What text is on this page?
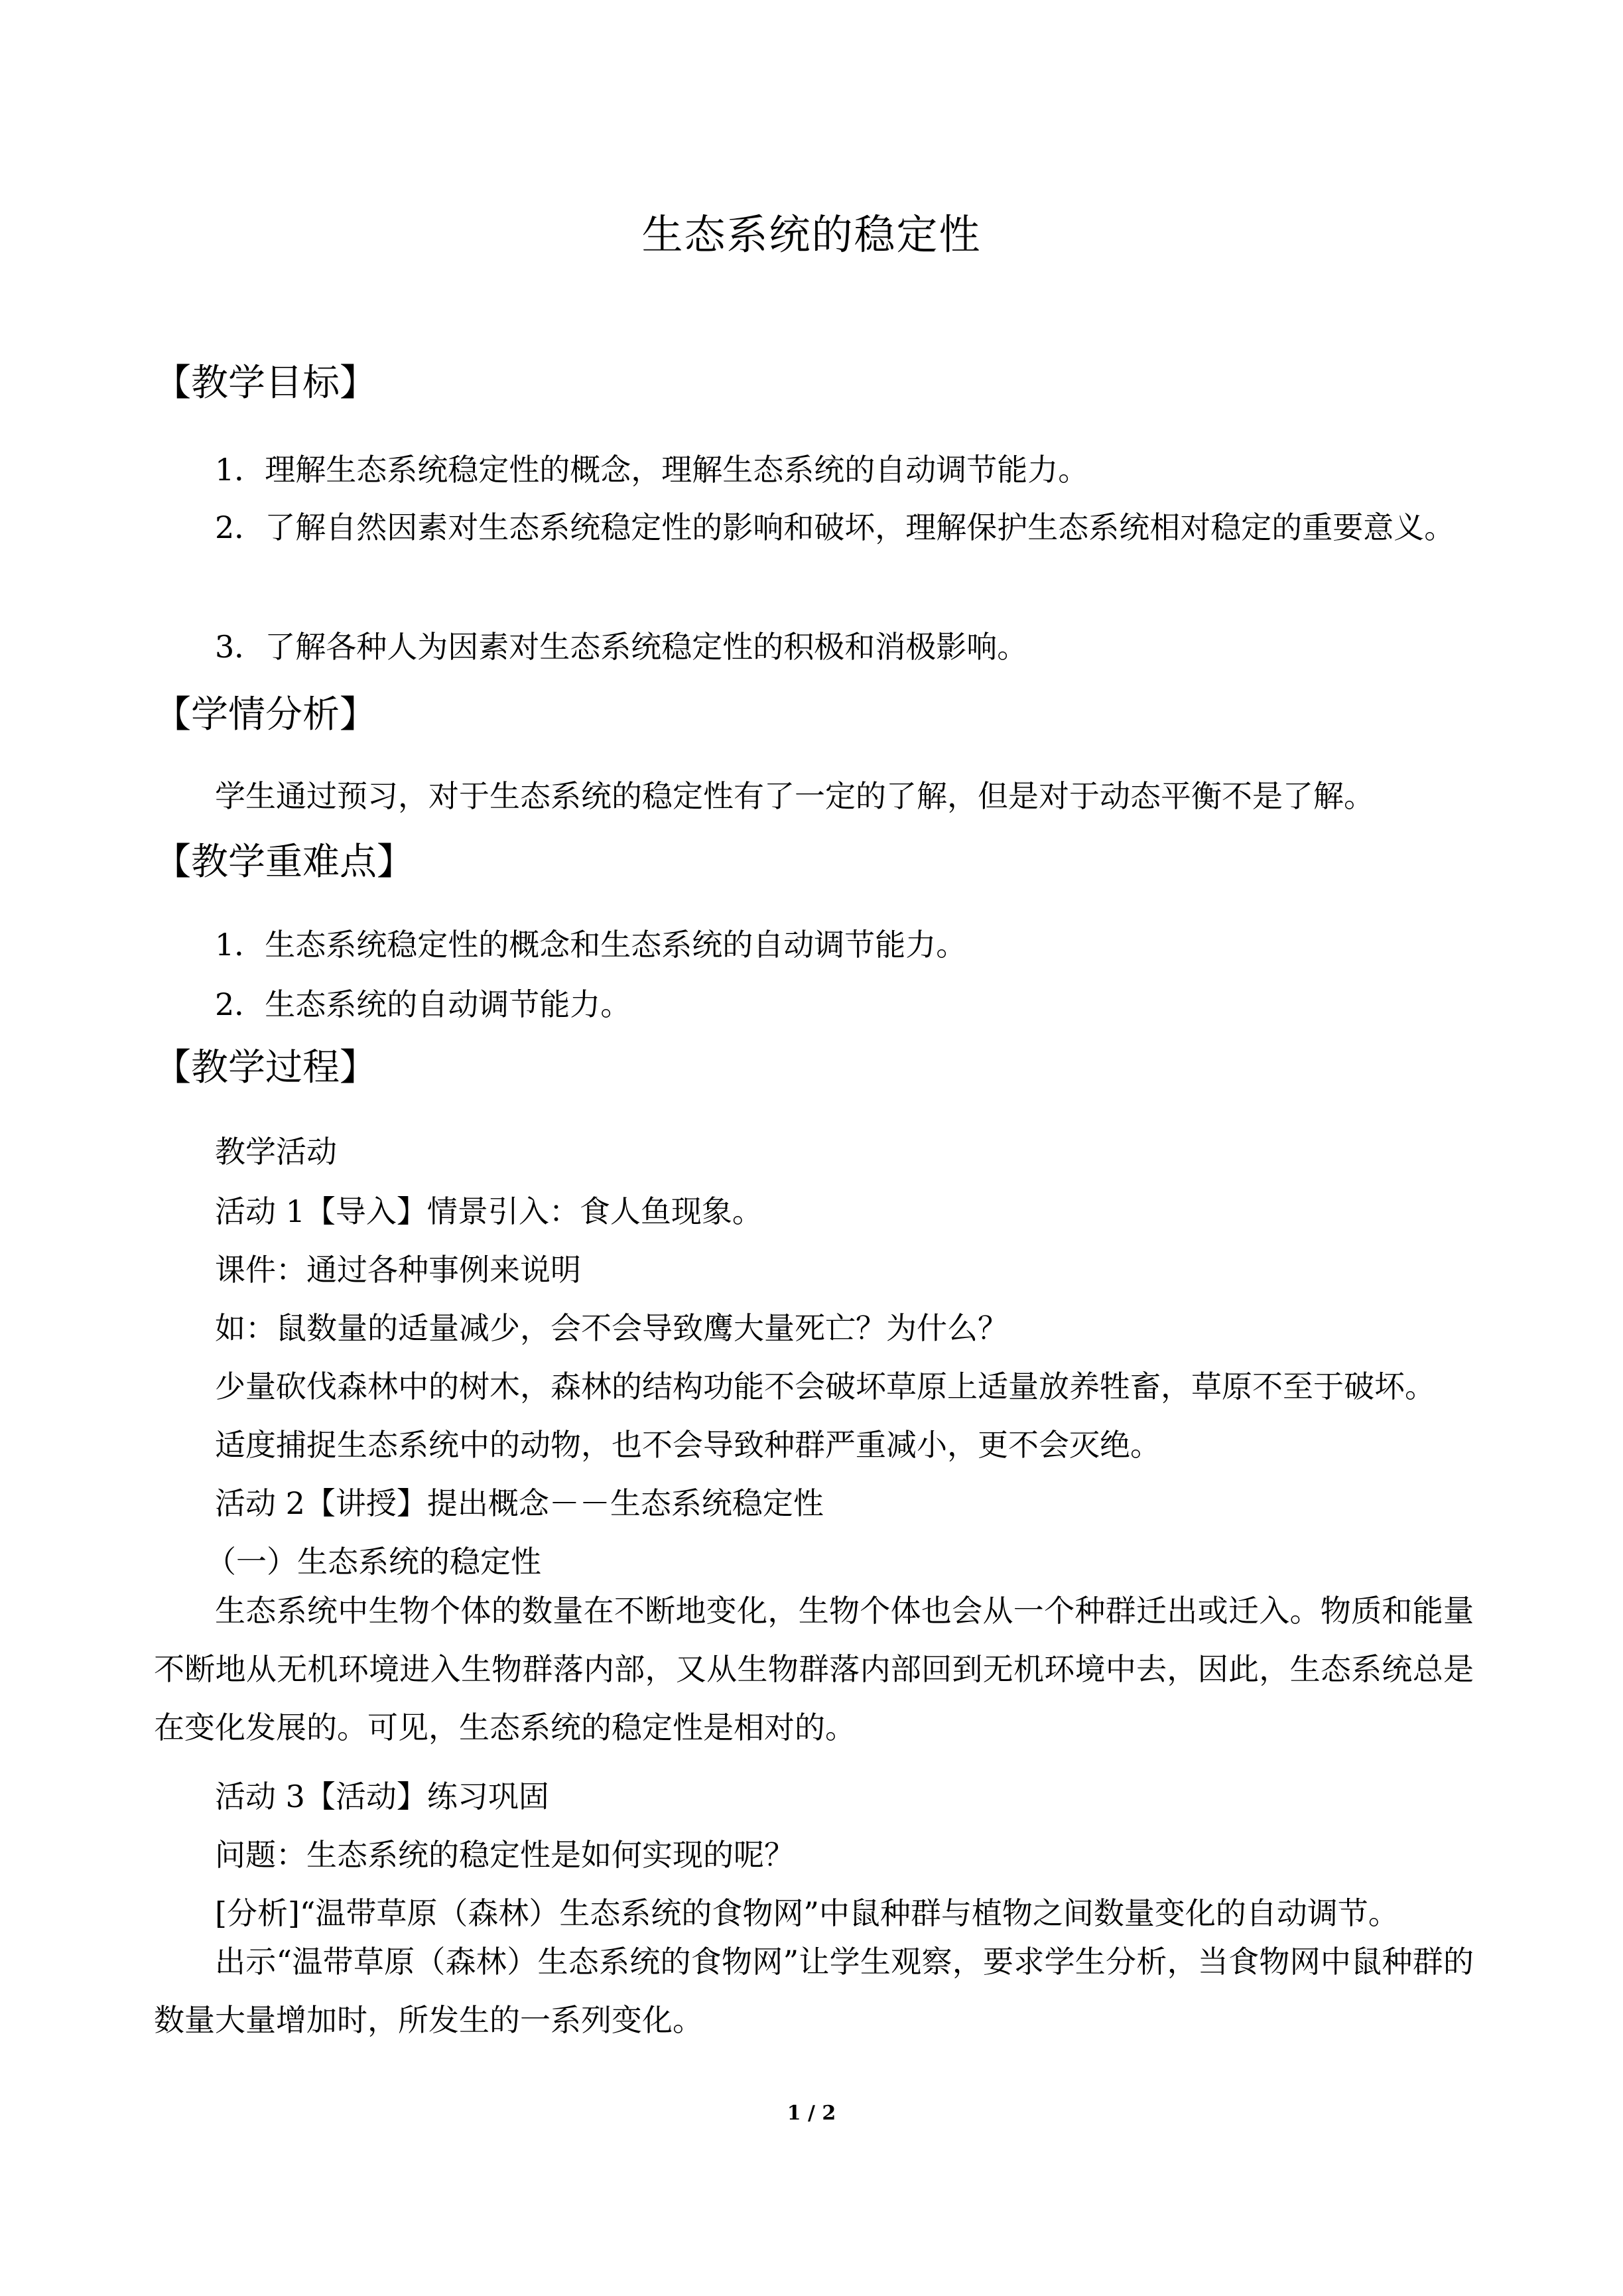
生态系统的稳定性
【教学目标】
1．理解生态系统稳定性的概念，理解生态系统的自动调节能力。

2．了解自然因素对生态系统稳定性的影响和破坏，理解保护生态系统相对稳定的重要意义。

3．了解各种人为因素对生态系统稳定性的积极和消极影响。
【学情分析】
学生通过预习，对于生态系统的稳定性有了一定的了解，但是对于动态平衡不是了解。
【教学重难点】
1．生态系统稳定性的概念和生态系统的自动调节能力。
2．生态系统的自动调节能力。
【教学过程】
教学活动
活动 1【导入】情景引入：食人鱼现象。
课件：通过各种事例来说明
如：鼠数量的适量减少，会不会导致鹰大量死亡？为什么？
少量砍伐森林中的树木，森林的结构功能不会破坏草原上适量放养牲畜，草原不至于破坏。
适度捕捉生态系统中的动物，也不会导致种群严重减小，更不会灭绝。
活动 2【讲授】提出概念－－生态系统稳定性
（一）生态系统的稳定性

生态系统中生物个体的数量在不断地变化，生物个体也会从一个种群迁出或迁入。物质和能量不断地从无机环境进入生物群落内部，又从生物群落内部回到无机环境中去，因此，生态系统总是在变化发展的。可见，生态系统的稳定性是相对的。

活动 3【活动】练习巩固
问题：生态系统的稳定性是如何实现的呢？
[分析]“温带草原（森林）生态系统的食物网”中鼠种群与植物之间数量变化的自动调节。

出示“温带草原（森林）生态系统的食物网”让学生观察，要求学生分析，当食物网中鼠种群的数量大量增加时，所发生的一系列变化。

1 / 2
